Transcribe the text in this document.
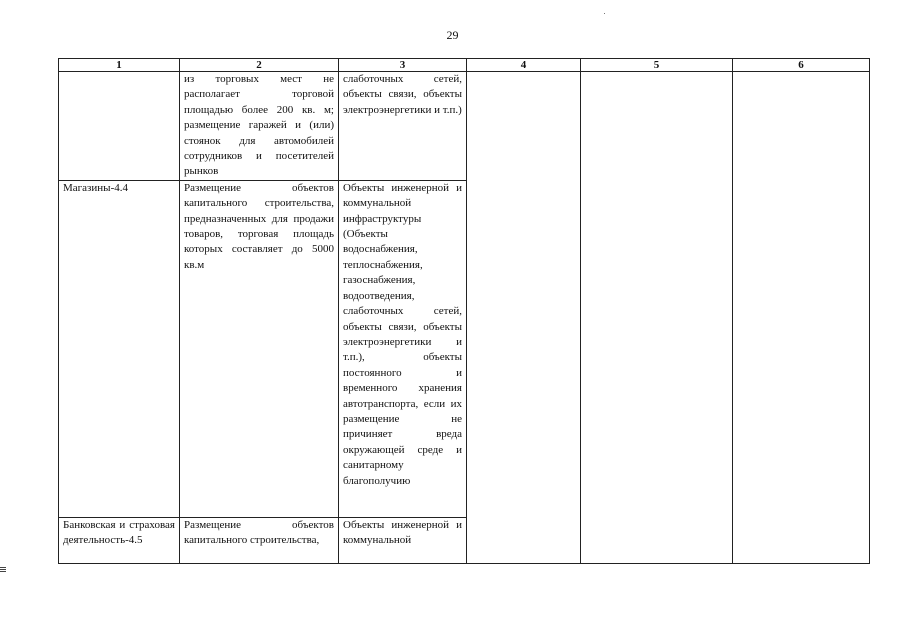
29
1	2	3	4	5	6
	из торговых мест не располагает торговой площадью более 200 кв. м; размещение гаражей и (или) стоянок для автомобилей сотрудников и посетителей рынков	слаботочных сетей, объекты связи, объекты электроэнергетики и т.п.)			
Магазины-4.4	Размещение объектов капитального строительства, предназначенных для продажи товаров, торговая площадь которых составляет до 5000 кв.м	Объекты инженерной и коммунальной инфраструктуры (Объекты водоснабжения, теплоснабжения, газоснабжения, водоотведения, слаботочных сетей, объекты связи, объекты электроэнергетики и т.п.), объекты постоянного и временного хранения автотранспорта, если их размещение не причиняет вреда окружающей среде и санитарному благополучию			
Банковская и страховая деятельность-4.5	Размещение объектов капитального строительства,	Объекты инженерной и коммунальной			
